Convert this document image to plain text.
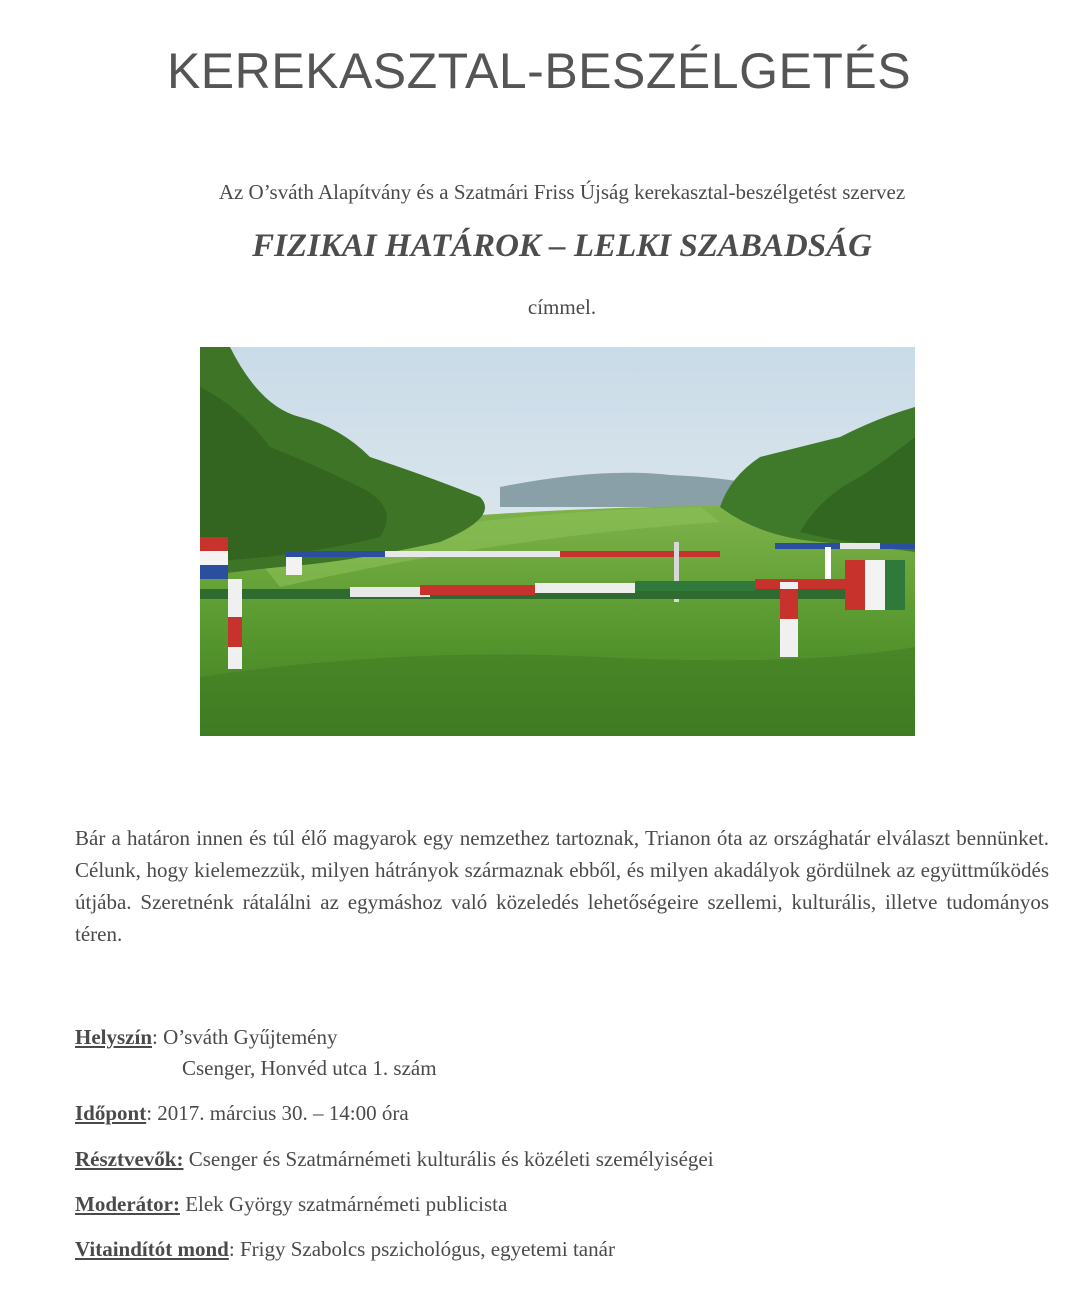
KEREKASZTAL-BESZÉLGETÉS
Az O’sváth Alapítvány és a Szatmári Friss Újság kerekasztal-beszélgetést szervez
FIZIKAI HATÁROK – LELKI SZABADSÁG
címmel.
Bár a határon innen és túl élő magyarok egy nemzethez tartoznak, Trianon óta az országhatár elválaszt bennünket. Célunk, hogy kielemezzük, milyen hátrányok származnak ebből, és milyen akadályok gördülnek az együttműködés útjába. Szeretnénk rátalálni az egymáshoz való közeledés lehetőségeire szellemi, kulturális, illetve tudományos téren.
Helyszín: O’sváth Gyűjtemény
Csenger, Honvéd utca 1. szám
Időpont: 2017. március 30. – 14:00 óra
Résztvevők: Csenger és Szatmárnémeti kulturális és közéleti személyiségei
Moderátor: Elek György szatmárnémeti publicista
Vitaindítót mond: Frigy Szabolcs pszichológus, egyetemi tanár
